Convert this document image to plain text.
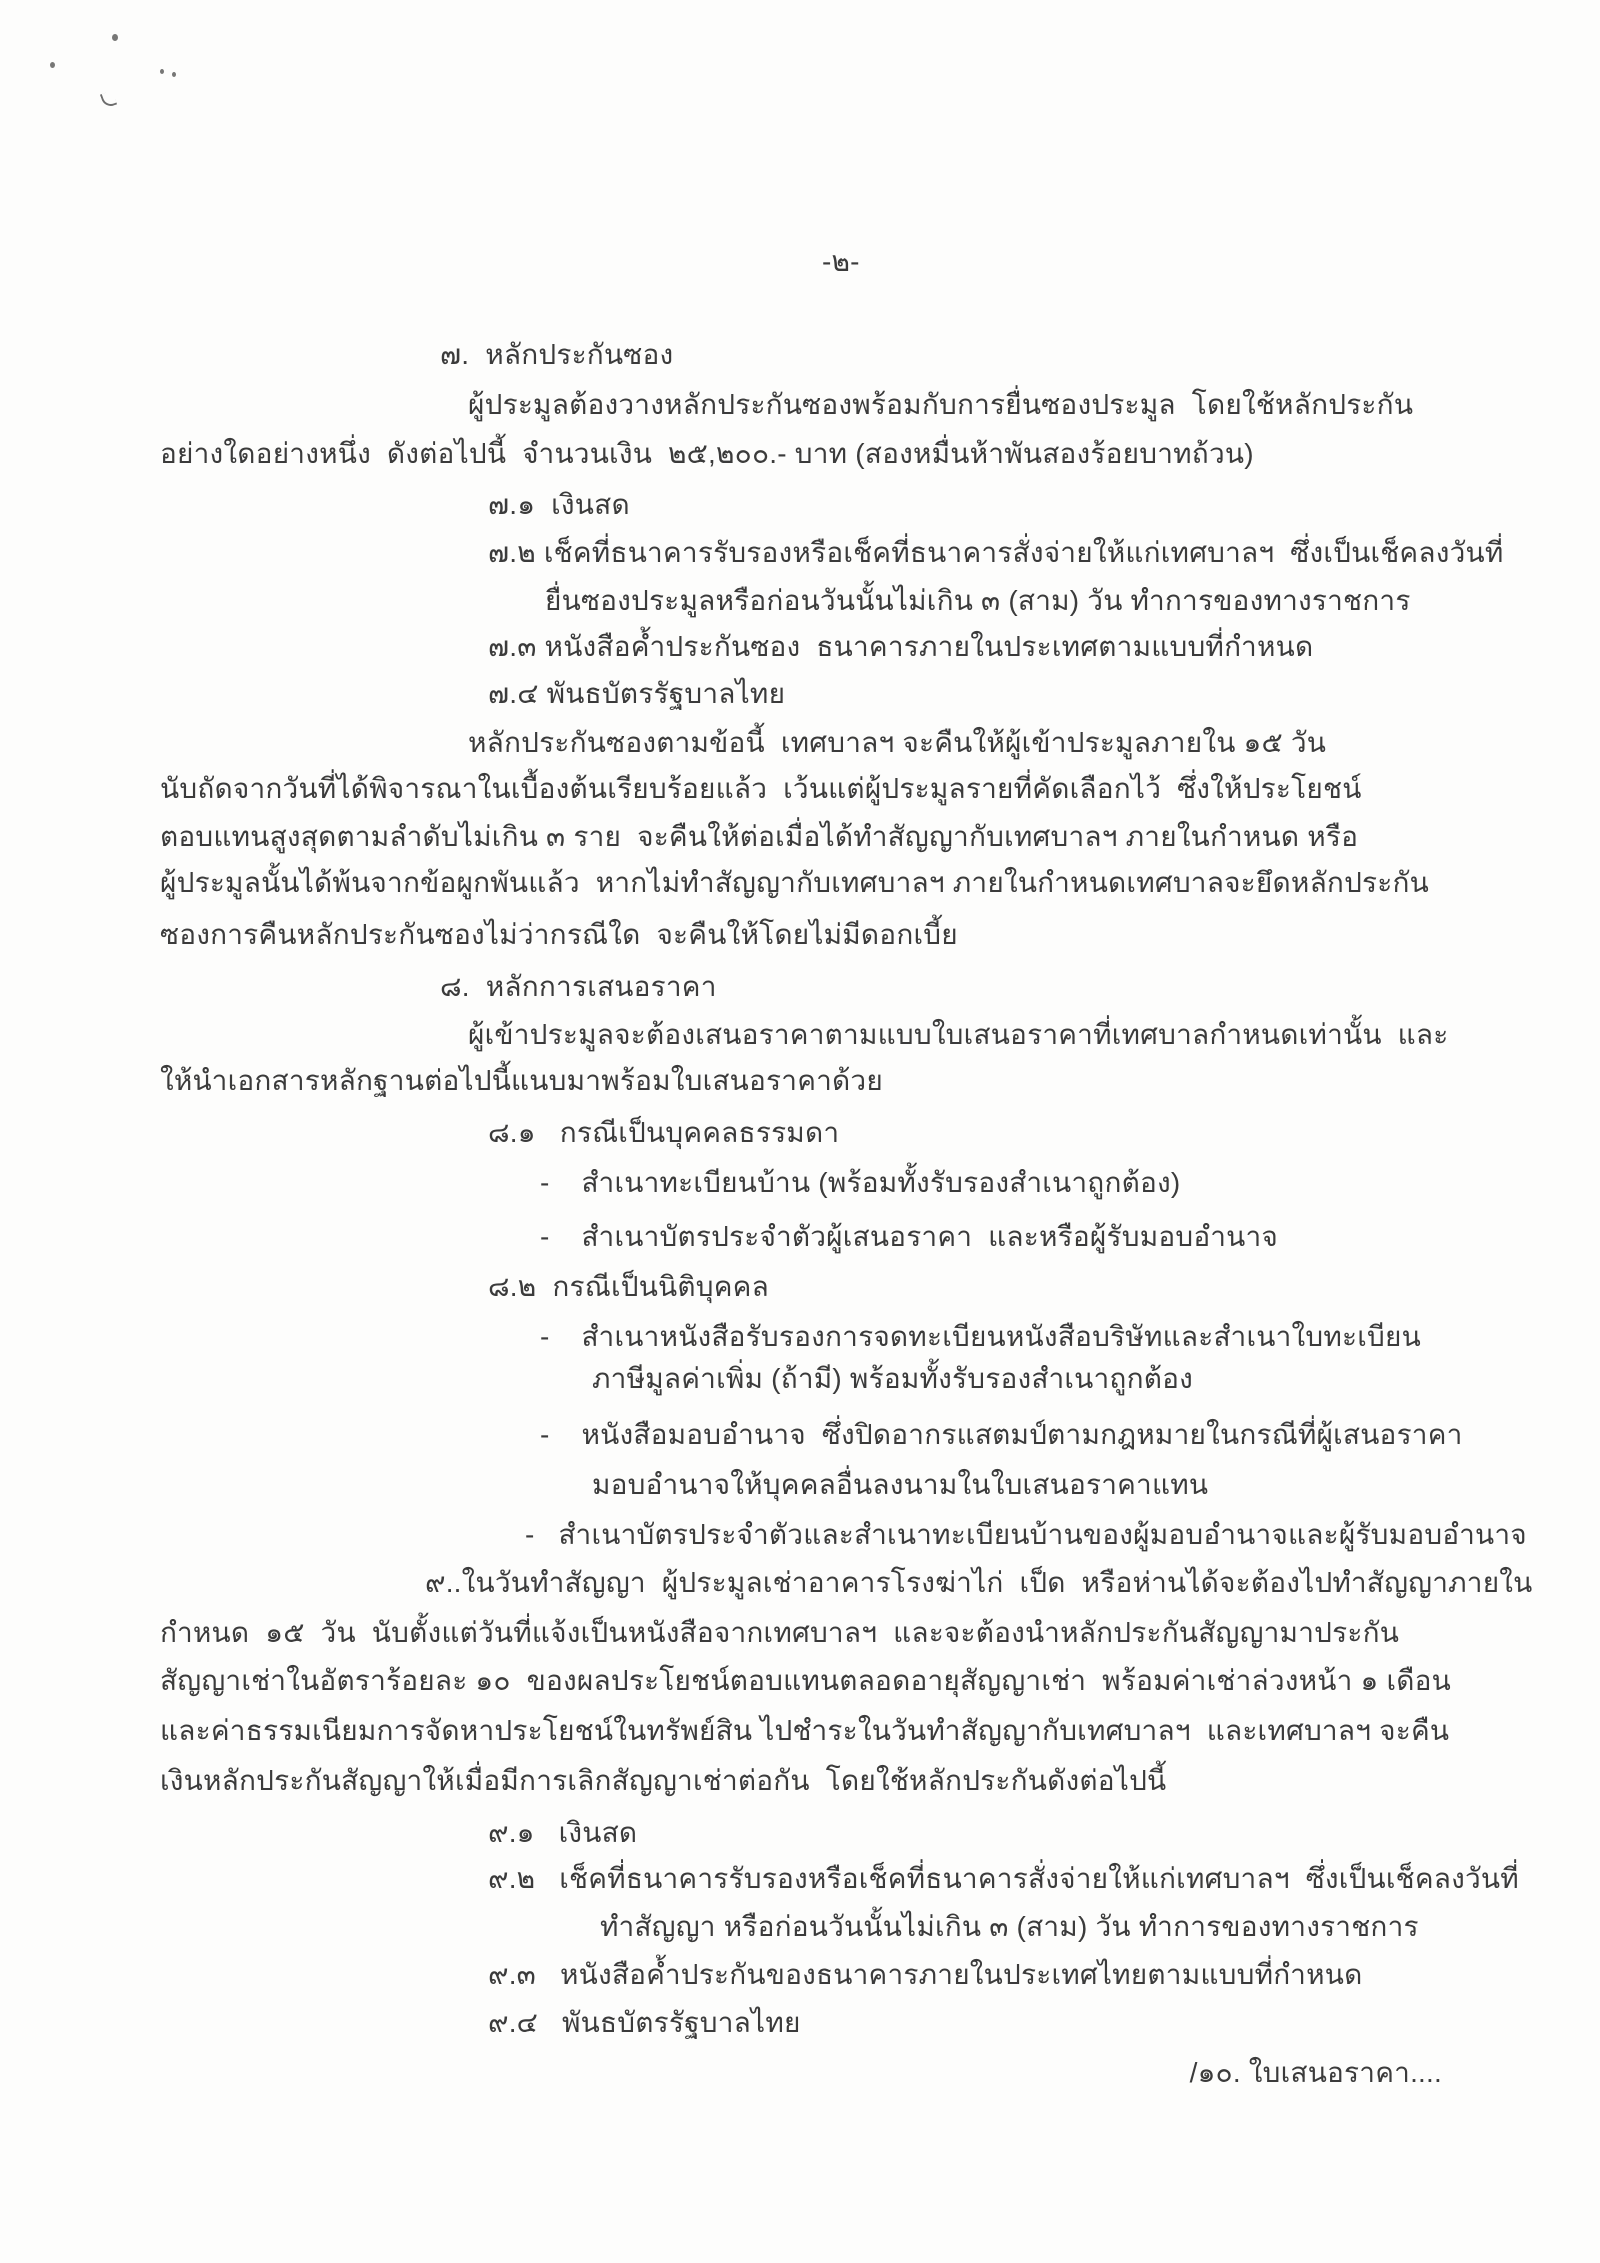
-๒-
๗.  หลักประกันซอง
ผู้ประมูลต้องวางหลักประกันซองพร้อมกับการยื่นซองประมูล  โดยใช้หลักประกัน
อย่างใดอย่างหนึ่ง  ดังต่อไปนี้  จำนวนเงิน  ๒๕,๒๐๐.- บาท (สองหมื่นห้าพันสองร้อยบาทถ้วน)
๗.๑  เงินสด
๗.๒ เช็คที่ธนาคารรับรองหรือเช็คที่ธนาคารสั่งจ่ายให้แก่เทศบาลฯ  ซึ่งเป็นเช็คลงวันที่
ยื่นซองประมูลหรือก่อนวันนั้นไม่เกิน ๓ (สาม) วัน ทำการของทางราชการ
๗.๓ หนังสือค้ำประกันซอง  ธนาคารภายในประเทศตามแบบที่กำหนด
๗.๔ พันธบัตรรัฐบาลไทย
หลักประกันซองตามข้อนี้  เทศบาลฯ จะคืนให้ผู้เข้าประมูลภายใน ๑๕ วัน
นับถัดจากวันที่ได้พิจารณาในเบื้องต้นเรียบร้อยแล้ว  เว้นแต่ผู้ประมูลรายที่คัดเลือกไว้  ซึ่งให้ประโยชน์
ตอบแทนสูงสุดตามลำดับไม่เกิน ๓ ราย  จะคืนให้ต่อเมื่อได้ทำสัญญากับเทศบาลฯ ภายในกำหนด หรือ
ผู้ประมูลนั้นได้พ้นจากข้อผูกพันแล้ว  หากไม่ทำสัญญากับเทศบาลฯ ภายในกำหนดเทศบาลจะยึดหลักประกัน
ซองการคืนหลักประกันซองไม่ว่ากรณีใด  จะคืนให้โดยไม่มีดอกเบี้ย
๘.  หลักการเสนอราคา
ผู้เข้าประมูลจะต้องเสนอราคาตามแบบใบเสนอราคาที่เทศบาลกำหนดเท่านั้น  และ
ให้นำเอกสารหลักฐานต่อไปนี้แนบมาพร้อมใบเสนอราคาด้วย
๘.๑   กรณีเป็นบุคคลธรรมดา
-    สำเนาทะเบียนบ้าน (พร้อมทั้งรับรองสำเนาถูกต้อง)
-    สำเนาบัตรประจำตัวผู้เสนอราคา  และหรือผู้รับมอบอำนาจ
๘.๒  กรณีเป็นนิติบุคคล
-    สำเนาหนังสือรับรองการจดทะเบียนหนังสือบริษัทและสำเนาใบทะเบียน
ภาษีมูลค่าเพิ่ม (ถ้ามี) พร้อมทั้งรับรองสำเนาถูกต้อง
-    หนังสือมอบอำนาจ  ซึ่งปิดอากรแสตมป์ตามกฎหมายในกรณีที่ผู้เสนอราคา
มอบอำนาจให้บุคคลอื่นลงนามในใบเสนอราคาแทน
-   สำเนาบัตรประจำตัวและสำเนาทะเบียนบ้านของผู้มอบอำนาจและผู้รับมอบอำนาจ
๙..ในวันทำสัญญา  ผู้ประมูลเช่าอาคารโรงฆ่าไก่  เป็ด  หรือห่านได้จะต้องไปทำสัญญาภายใน
กำหนด  ๑๕  วัน  นับตั้งแต่วันที่แจ้งเป็นหนังสือจากเทศบาลฯ  และจะต้องนำหลักประกันสัญญามาประกัน
สัญญาเช่าในอัตราร้อยละ ๑๐  ของผลประโยชน์ตอบแทนตลอดอายุสัญญาเช่า  พร้อมค่าเช่าล่วงหน้า ๑ เดือน
และค่าธรรมเนียมการจัดหาประโยชน์ในทรัพย์สิน ไปชำระในวันทำสัญญากับเทศบาลฯ  และเทศบาลฯ จะคืน
เงินหลักประกันสัญญาให้เมื่อมีการเลิกสัญญาเช่าต่อกัน  โดยใช้หลักประกันดังต่อไปนี้
๙.๑   เงินสด
๙.๒   เช็คที่ธนาคารรับรองหรือเช็คที่ธนาคารสั่งจ่ายให้แก่เทศบาลฯ  ซึ่งเป็นเช็คลงวันที่
ทำสัญญา หรือก่อนวันนั้นไม่เกิน ๓ (สาม) วัน ทำการของทางราชการ
๙.๓   หนังสือค้ำประกันของธนาคารภายในประเทศไทยตามแบบที่กำหนด
๙.๔   พันธบัตรรัฐบาลไทย
/๑๐. ใบเสนอราคา....
